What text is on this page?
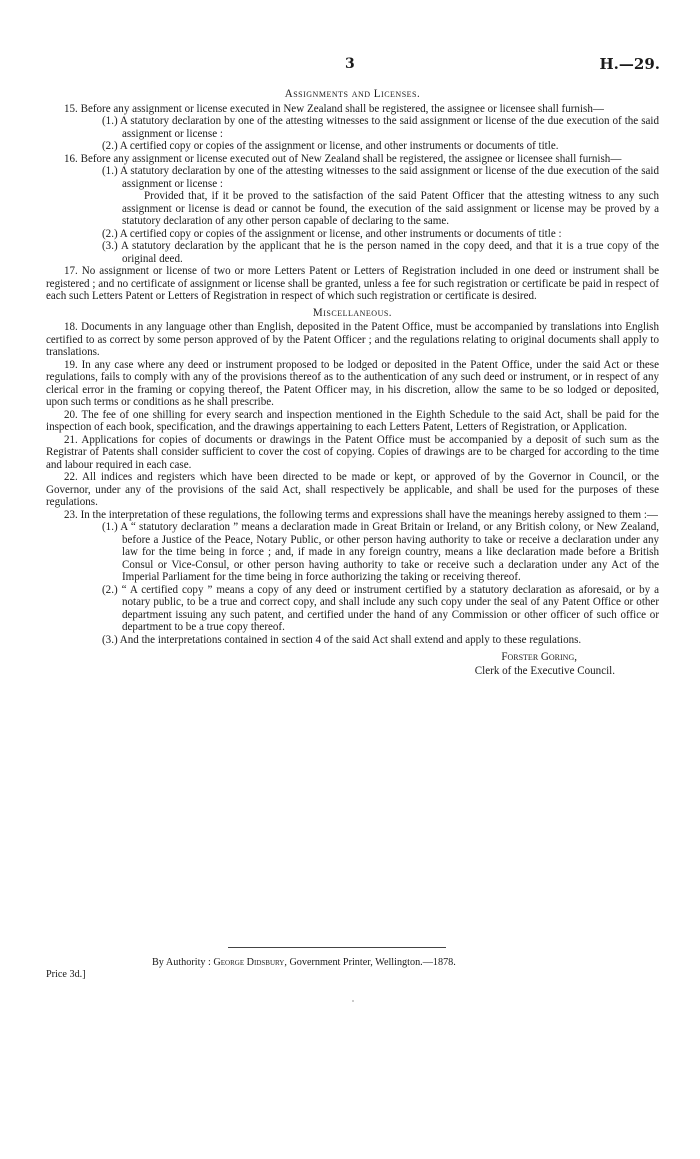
3	H.—29.
Assignments and Licenses.

15. Before any assignment or license executed in New Zealand shall be registered, the assignee or licensee shall furnish—

(1.) A statutory declaration by one of the attesting witnesses to the said assignment or license of the due execution of the said assignment or license :

(2.) A certified copy or copies of the assignment or license, and other instruments or documents of title.

16. Before any assignment or license executed out of New Zealand shall be registered, the assignee or licensee shall furnish—

(1.) A statutory declaration by one of the attesting witnesses to the said assignment or license of the due execution of the said assignment or license :

Provided that, if it be proved to the satisfaction of the said Patent Officer that the attesting witness to any such assignment or license is dead or cannot be found, the execution of the said assignment or license may be proved by a statutory declaration of any other person capable of declaring to the same.

(2.) A certified copy or copies of the assignment or license, and other instruments or documents of title :

(3.) A statutory declaration by the applicant that he is the person named in the copy deed, and that it is a true copy of the original deed.

17. No assignment or license of two or more Letters Patent or Letters of Registration included in one deed or instrument shall be registered ; and no certificate of assignment or license shall be granted, unless a fee for such registration or certificate be paid in respect of each such Letters Patent or Letters of Registration in respect of which such registration or certificate is desired.

Miscellaneous.

18. Documents in any language other than English, deposited in the Patent Office, must be accompanied by translations into English certified to as correct by some person approved of by the Patent Officer ; and the regulations relating to original documents shall apply to translations.

19. In any case where any deed or instrument proposed to be lodged or deposited in the Patent Office, under the said Act or these regulations, fails to comply with any of the provisions thereof as to the authentication of any such deed or instrument, or in respect of any clerical error in the framing or copying thereof, the Patent Officer may, in his discretion, allow the same to be so lodged or deposited, upon such terms or conditions as he shall prescribe.

20. The fee of one shilling for every search and inspection mentioned in the Eighth Schedule to the said Act, shall be paid for the inspection of each book, specification, and the drawings appertaining to each Letters Patent, Letters of Registration, or Application.

21. Applications for copies of documents or drawings in the Patent Office must be accompanied by a deposit of such sum as the Registrar of Patents shall consider sufficient to cover the cost of copying. Copies of drawings are to be charged for according to the time and labour required in each case.

22. All indices and registers which have been directed to be made or kept, or approved of by the Governor in Council, or the Governor, under any of the provisions of the said Act, shall respectively be applicable, and shall be used for the purposes of these regulations.

23. In the interpretation of these regulations, the following terms and expressions shall have the meanings hereby assigned to them :—

(1.) A “ statutory declaration ” means a declaration made in Great Britain or Ireland, or any British colony, or New Zealand, before a Justice of the Peace, Notary Public, or other person having authority to take or receive a declaration under any law for the time being in force ; and, if made in any foreign country, means a like declaration made before a British Consul or Vice-Consul, or other person having authority to take or receive such a declaration under any Act of the Imperial Parliament for the time being in force authorizing the taking or receiving thereof.

(2.) “ A certified copy ” means a copy of any deed or instrument certified by a statutory declaration as aforesaid, or by a notary public, to be a true and correct copy, and shall include any such copy under the seal of any Patent Office or other department issuing any such patent, and certified under the hand of any Commission or other officer of such office or department to be a true copy thereof.

(3.) And the interpretations contained in section 4 of the said Act shall extend and apply to these regulations.

Forster Goring,
Clerk of the Executive Council.
By Authority : George Didsbury, Government Printer, Wellington.—1878.
Price 3d.]
